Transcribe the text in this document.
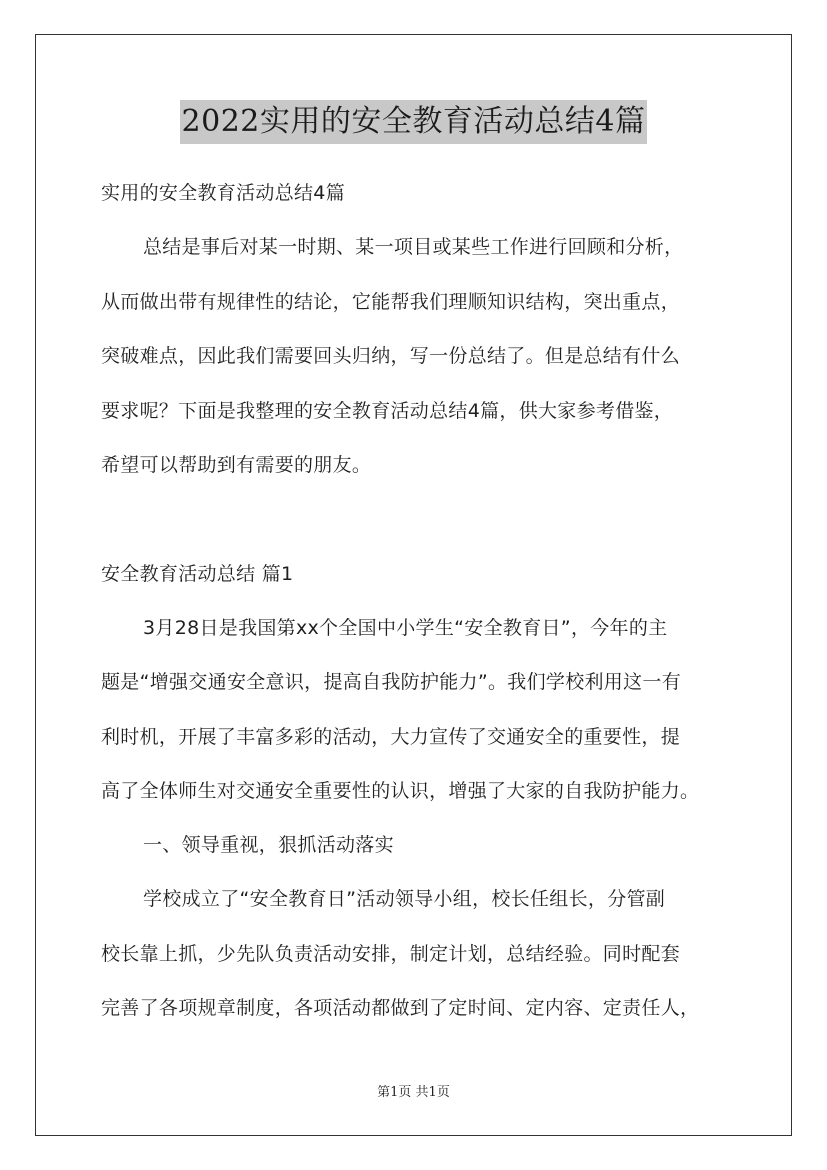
2022实用的安全教育活动总结4篇
实用的安全教育活动总结4篇
总结是事后对某一时期、某一项目或某些工作进行回顾和分析，
从而做出带有规律性的结论，它能帮我们理顺知识结构，突出重点，
突破难点，因此我们需要回头归纳，写一份总结了。但是总结有什么
要求呢？下面是我整理的安全教育活动总结4篇，供大家参考借鉴，
希望可以帮助到有需要的朋友。
安全教育活动总结 篇1
3月28日是我国第xx个全国中小学生“安全教育日”，今年的主
题是“增强交通安全意识，提高自我防护能力”。我们学校利用这一有
利时机，开展了丰富多彩的活动，大力宣传了交通安全的重要性，提
高了全体师生对交通安全重要性的认识，增强了大家的自我防护能力。
一、领导重视，狠抓活动落实
学校成立了“安全教育日”活动领导小组，校长任组长，分管副
校长靠上抓，少先队负责活动安排，制定计划，总结经验。同时配套
完善了各项规章制度，各项活动都做到了定时间、定内容、定责任人，
第1页 共1页
